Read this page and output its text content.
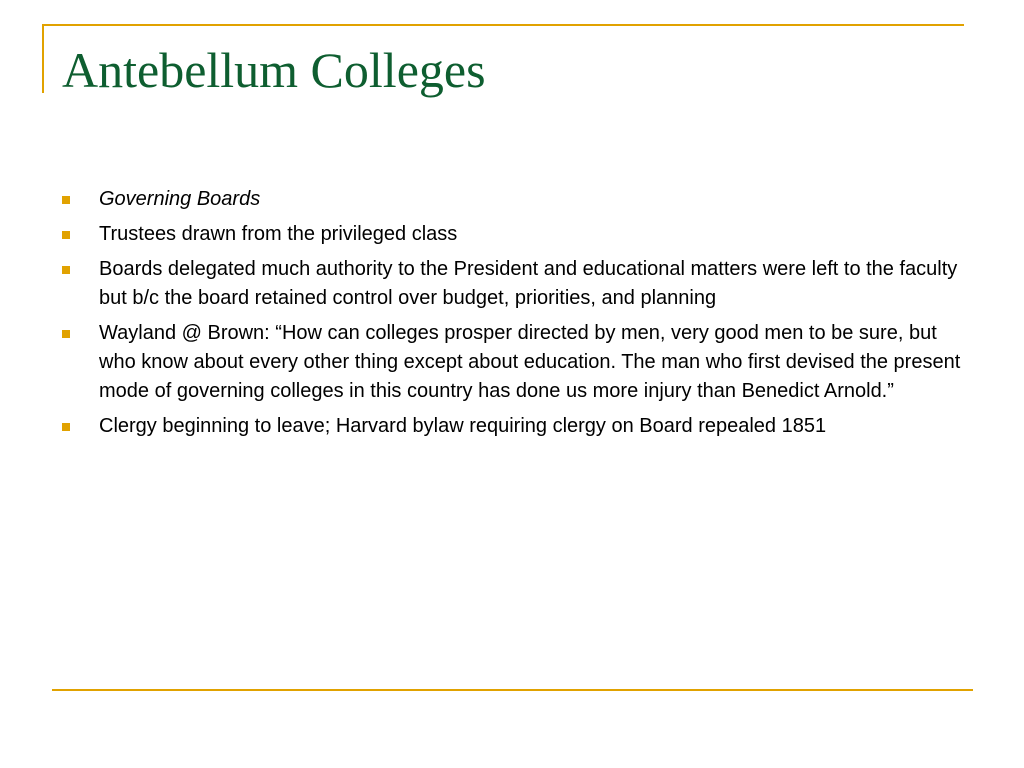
Antebellum Colleges
Governing Boards
Trustees drawn from the privileged class
Boards delegated much authority to the President and educational matters were left to the faculty but b/c the board retained control over budget, priorities, and planning
Wayland @ Brown: “How can colleges prosper directed by men, very good men to be sure, but who know about every other thing except about education. The man who first devised the present mode of governing colleges in this country has done us more injury than Benedict Arnold.”
Clergy beginning to leave; Harvard bylaw requiring clergy on Board repealed 1851
